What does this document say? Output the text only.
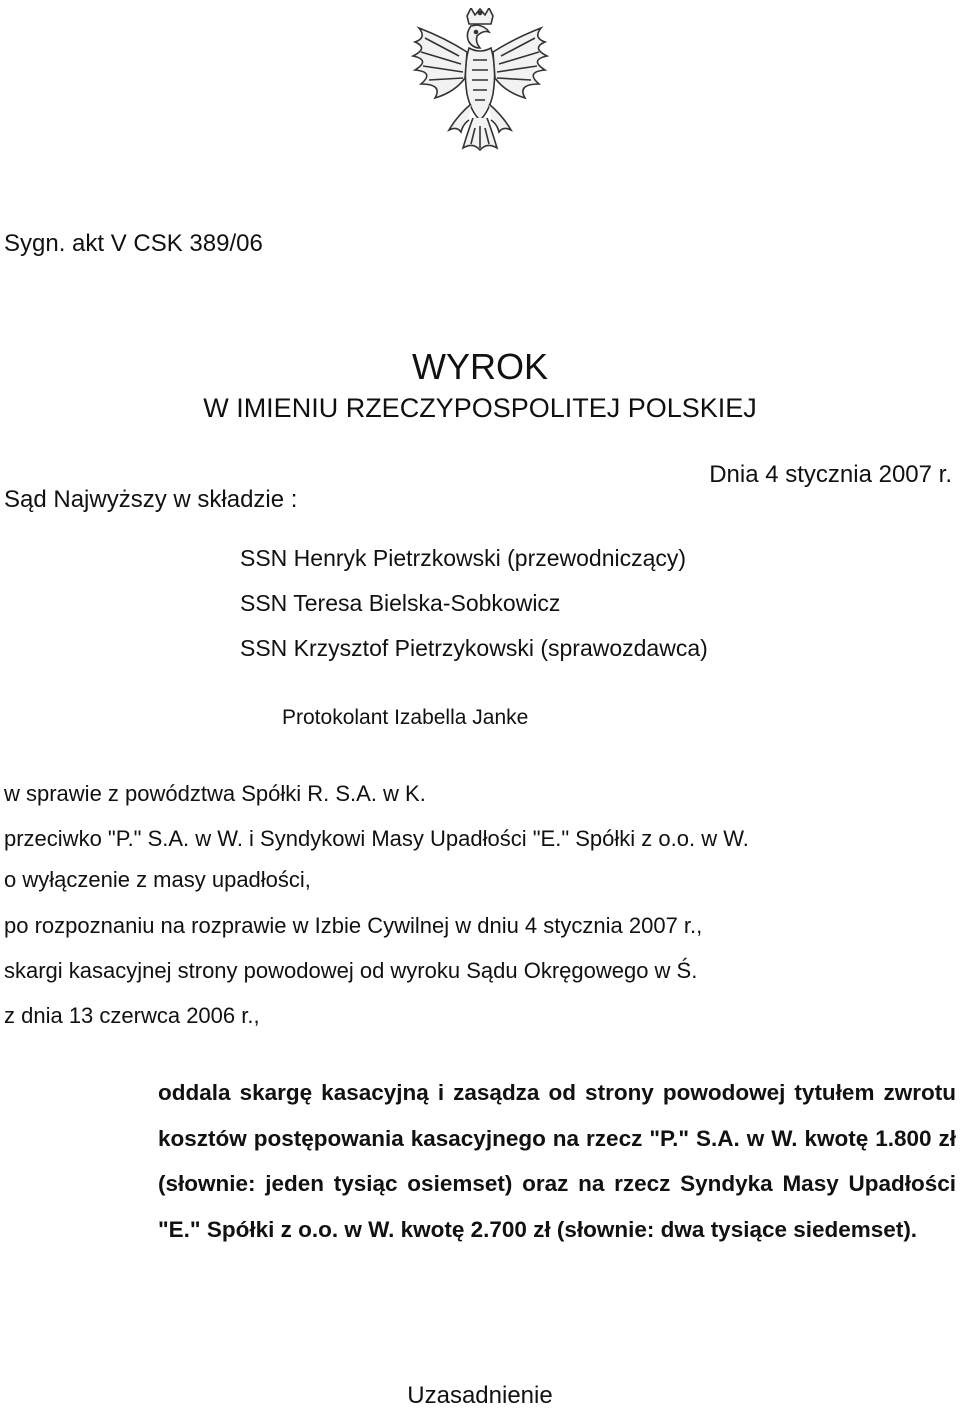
Sygn. akt V CSK 389/06
WYROK
W IMIENIU RZECZYPOSPOLITEJ POLSKIEJ
Dnia 4 stycznia 2007 r.
Sąd Najwyższy w składzie :
SSN Henryk Pietrzkowski (przewodniczący)
SSN Teresa Bielska-Sobkowicz
SSN Krzysztof Pietrzykowski (sprawozdawca)
Protokolant Izabella Janke
w sprawie z powództwa Spółki R. S.A. w K.
przeciwko "P." S.A. w W. i Syndykowi Masy Upadłości "E." Spółki z o.o. w W.
o wyłączenie z masy upadłości,
po rozpoznaniu na rozprawie w Izbie Cywilnej w dniu 4 stycznia 2007 r.,
skargi kasacyjnej strony powodowej od wyroku Sądu Okręgowego w Ś.
z dnia 13 czerwca 2006 r.,
oddala skargę kasacyjną i zasądza od strony powodowej tytułem zwrotu kosztów postępowania kasacyjnego na rzecz "P." S.A. w W. kwotę 1.800 zł (słownie: jeden tysiąc osiemset) oraz na rzecz Syndyka Masy Upadłości "E." Spółki z o.o. w W. kwotę 2.700 zł (słownie: dwa tysiące siedemset).
Uzasadnienie
